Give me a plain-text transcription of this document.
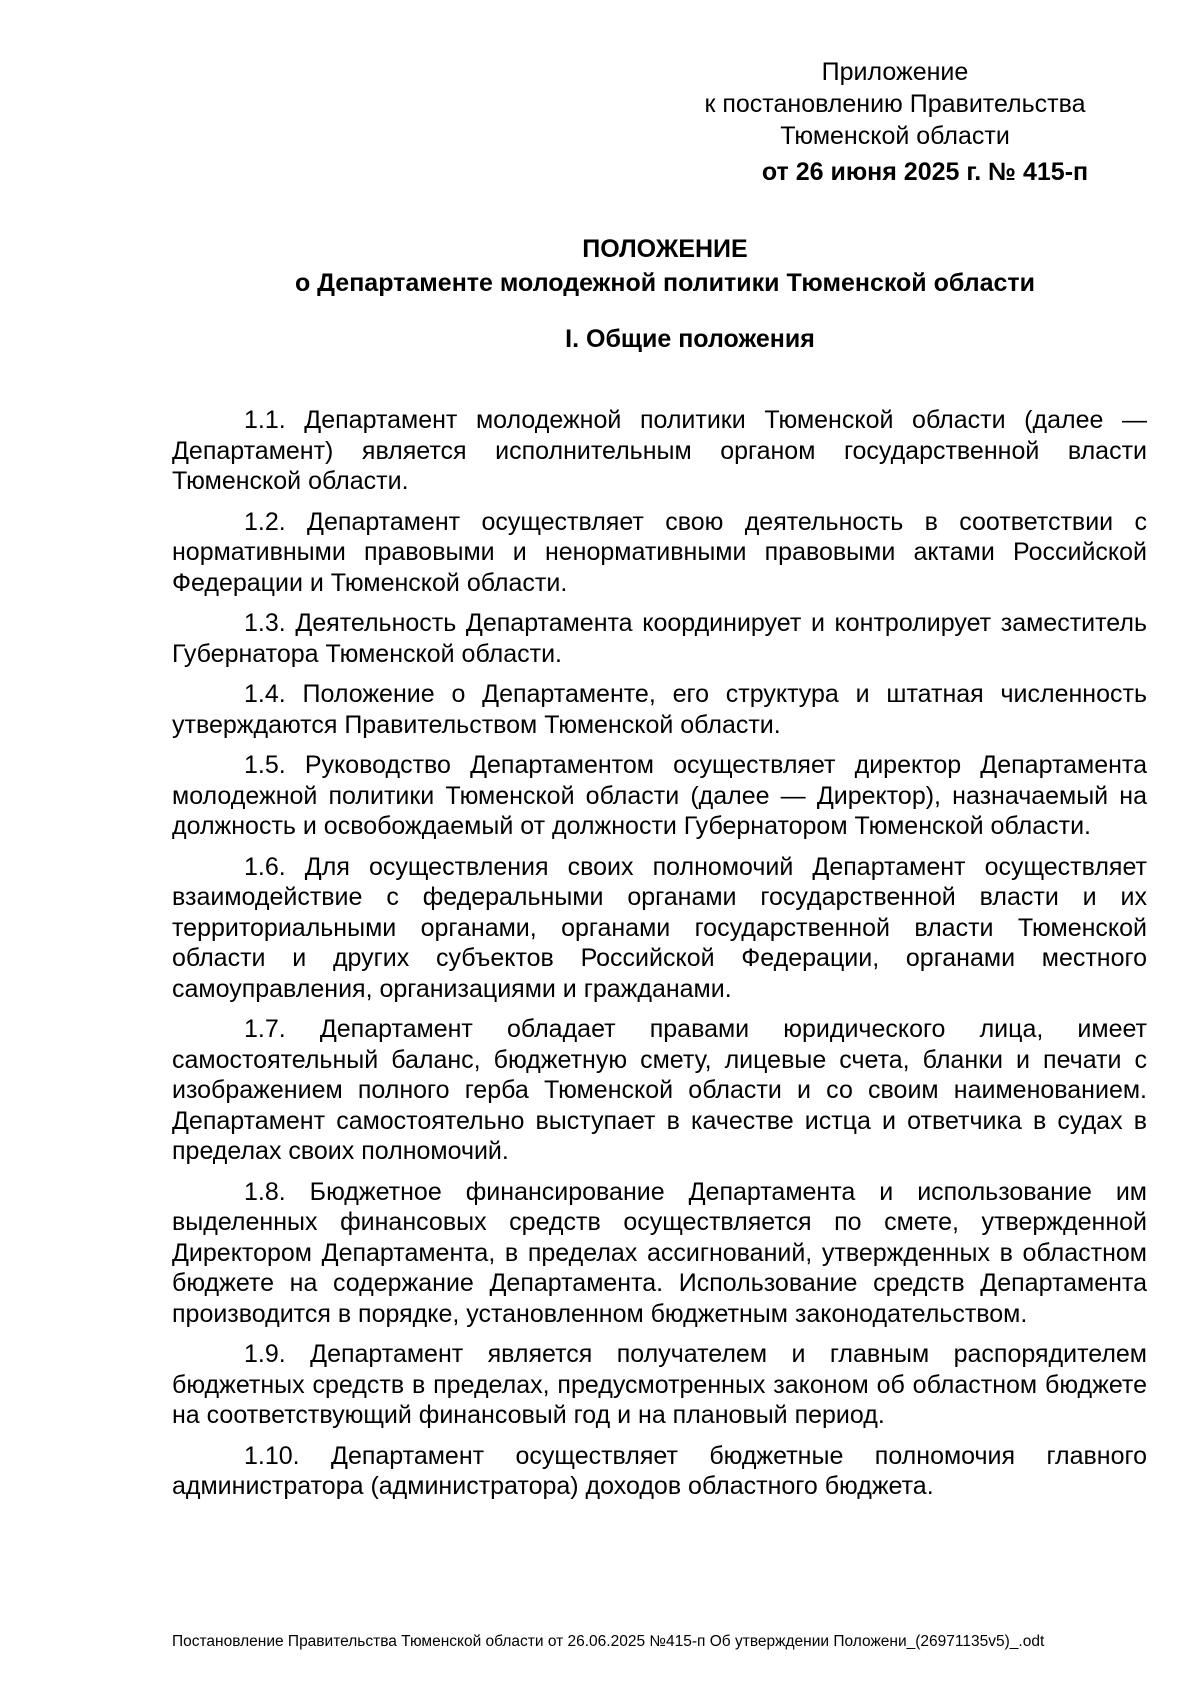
Приложение
к постановлению Правительства
Тюменской области
от 26 июня 2025 г. № 415-п
ПОЛОЖЕНИЕ
о Департаменте молодежной политики Тюменской области
I. Общие положения

1.1. Департамент молодежной политики Тюменской области (далее — Департамент) является исполнительным органом государственной власти Тюменской области.

1.2. Департамент осуществляет свою деятельность в соответствии с нормативными правовыми и ненормативными правовыми актами Российской Федерации и Тюменской области.

1.3. Деятельность Департамента координирует и контролирует заместитель Губернатора Тюменской области.

1.4. Положение о Департаменте, его структура и штатная численность утверждаются Правительством Тюменской области.

1.5. Руководство Департаментом осуществляет директор Департамента молодежной политики Тюменской области (далее — Директор), назначаемый на должность и освобождаемый от должности Губернатором Тюменской области.

1.6. Для осуществления своих полномочий Департамент осуществляет взаимодействие с федеральными органами государственной власти и их территориальными органами, органами государственной власти Тюменской области и других субъектов Российской Федерации, органами местного самоуправления, организациями и гражданами.

1.7. Департамент обладает правами юридического лица, имеет самостоятельный баланс, бюджетную смету, лицевые счета, бланки и печати с изображением полного герба Тюменской области и со своим наименованием. Департамент самостоятельно выступает в качестве истца и ответчика в судах в пределах своих полномочий.

1.8. Бюджетное финансирование Департамента и использование им выделенных финансовых средств осуществляется по смете, утвержденной Директором Департамента, в пределах ассигнований, утвержденных в областном бюджете на содержание Департамента. Использование средств Департамента производится в порядке, установленном бюджетным законодательством.

1.9. Департамент является получателем и главным распорядителем бюджетных средств в пределах, предусмотренных законом об областном бюджете на соответствующий финансовый год и на плановый период.

1.10. Департамент осуществляет бюджетные полномочия главного администратора (администратора) доходов областного бюджета.

Постановление Правительства Тюменской области от 26.06.2025 №415-п Об утверждении Положени_(26971135v5)_.odt
